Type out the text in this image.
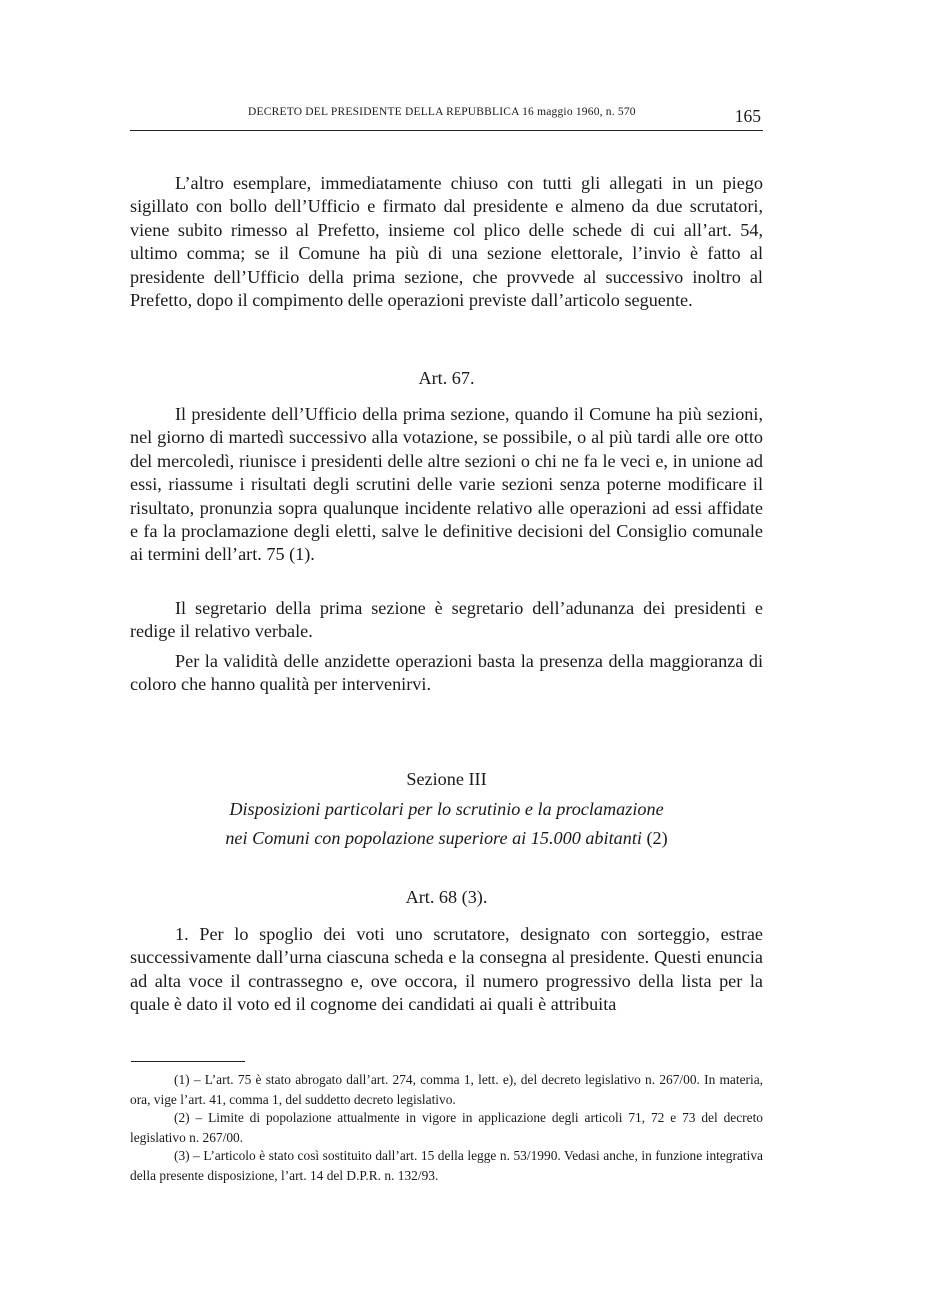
DECRETO DEL PRESIDENTE DELLA REPUBBLICA 16 maggio 1960, n. 570	165

L’altro esemplare, immediatamente chiuso con tutti gli allegati in un piego sigillato con bollo dell’Ufficio e firmato dal presidente e almeno da due scrutatori, viene subito rimesso al Prefetto, insieme col plico delle schede di cui all’art. 54, ultimo comma; se il Comune ha più di una sezione elettorale, l’invio è fatto al presidente dell’Ufficio della prima sezione, che provvede al successivo inoltro al Prefetto, dopo il compimento delle operazioni previste dall’articolo seguente.

Art. 67.

Il presidente dell’Ufficio della prima sezione, quando il Comune ha più sezioni, nel giorno di martedì successivo alla votazione, se possibile, o al più tardi alle ore otto del mercoledì, riunisce i presidenti delle altre sezioni o chi ne fa le veci e, in unione ad essi, riassume i risultati degli scrutini delle varie sezioni senza poterne modificare il risultato, pronunzia sopra qualunque incidente relativo alle operazioni ad essi affidate e fa la proclamazione degli eletti, salve le definitive decisioni del Consiglio comunale ai termini dell’art. 75 (1).

Il segretario della prima sezione è segretario dell’adunanza dei presidenti e redige il relativo verbale.

Per la validità delle anzidette operazioni basta la presenza della maggioranza di coloro che hanno qualità per intervenirvi.

Sezione III

Disposizioni particolari per lo scrutinio e la proclamazione

nei Comuni con popolazione superiore ai 15.000 abitanti (2)

Art. 68 (3).

1. Per lo spoglio dei voti uno scrutatore, designato con sorteggio, estrae successivamente dall’urna ciascuna scheda e la consegna al presidente. Questi enuncia ad alta voce il contrassegno e, ove occora, il numero progressivo della lista per la quale è dato il voto ed il cognome dei candidati ai quali è attribuita

(1) – L’art. 75 è stato abrogato dall’art. 274, comma 1, lett. e), del decreto legislativo n. 267/00. In materia, ora, vige l’art. 41, comma 1, del suddetto decreto legislativo.

(2) – Limite di popolazione attualmente in vigore in applicazione degli articoli 71, 72 e 73 del decreto legislativo n. 267/00.

(3) – L’articolo è stato così sostituito dall’art. 15 della legge n. 53/1990. Vedasi anche, in funzione integrativa della presente disposizione, l’art. 14 del D.P.R. n. 132/93.
